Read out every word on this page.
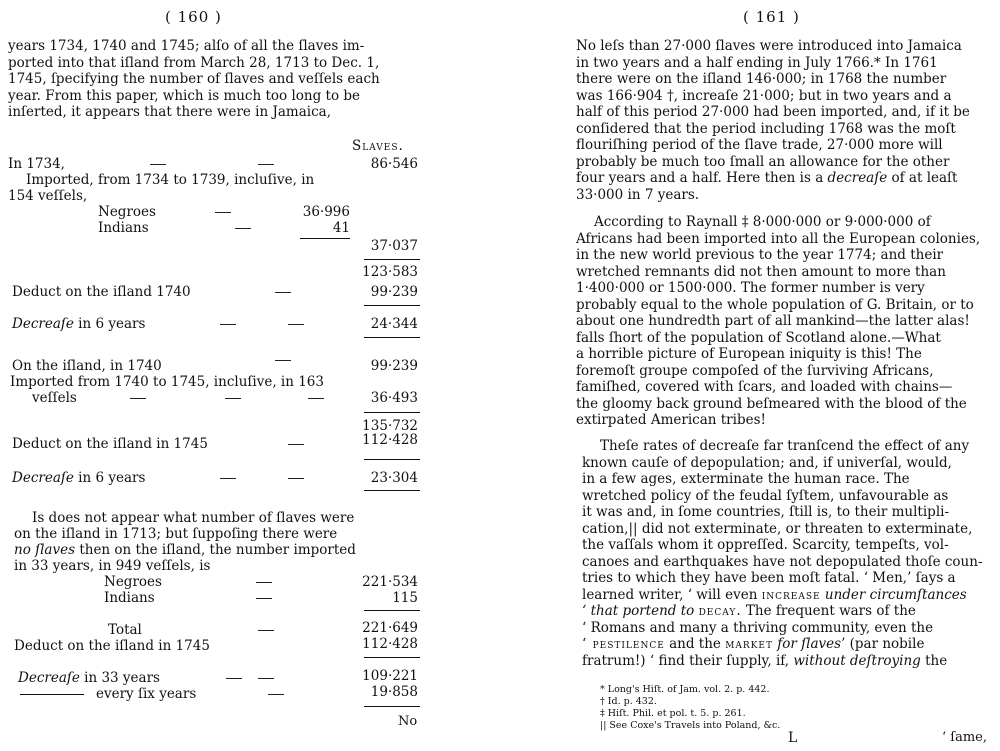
( 160 )
years 1734, 1740 and 1745; alſo of all the ſlaves im-
ported into that iſland from March 28, 1713 to Dec. 1,
1745, ſpecifying the number of ſlaves and veſſels each
year. From this paper, which is much too long to be
inſerted, it appears that there were in Jamaica,
Slaves.
In 1734,	86·546
Imported, from 1734 to 1739, incluſive, in
154 veſſels,
Negroes	36·996
Indians	41
37·037
123·583
Deduct on the iſland 1740	99·239
Decreaſe in 6 years	24·344
On the iſland, in 1740	99·239
Imported from 1740 to 1745, incluſive, in 163
veſſels	36·493
135·732
Deduct on the iſland in 1745	112·428
Decreaſe in 6 years	23·304
Is does not appear what number of ſlaves were
on the iſland in 1713; but ſuppoſing there were
no ſlaves then on the iſland, the number imported
in 33 years, in 949 veſſels, is
Negroes	221·534
Indians	115
Total	221·649
Deduct on the iſland in 1745	112·428
Decreaſe in 33 years	109·221
every ſix years	19·858
No
( 161 )
No leſs than 27·000 ſlaves were introduced into Jamaica
in two years and a half ending in July 1766.* In 1761
there were on the iſland 146·000; in 1768 the number
was 166·904 †, increaſe 21·000; but in two years and a
half of this period 27·000 had been imported, and, if it be
conſidered that the period including 1768 was the moſt
flouriſhing period of the ſlave trade, 27·000 more will
probably be much too ſmall an allowance for the other
four years and a half. Here then is a decreaſe of at leaſt
33·000 in 7 years.
According to Raynall ‡ 8·000·000 or 9·000·000 of
Africans had been imported into all the European colonies,
in the new world previous to the year 1774; and their
wretched remnants did not then amount to more than
1·400·000 or 1500·000. The former number is very
probably equal to the whole population of G. Britain, or to
about one hundredth part of all mankind—the latter alas!
falls ſhort of the population of Scotland alone.—What
a horrible picture of European iniquity is this! The
foremoſt groupe compoſed of the ſurviving Africans,
famiſhed, covered with ſcars, and loaded with chains—
the gloomy back ground beſmeared with the blood of the
extirpated American tribes!
Theſe rates of decreaſe far tranſcend the effect of any
known cauſe of depopulation; and, if univerſal, would,
in a few ages, exterminate the human race. The
wretched policy of the feudal ſyſtem, unfavourable as
it was and, in ſome countries, ſtill is, to their multipli-
cation,|| did not exterminate, or threaten to exterminate,
the vaſſals whom it oppreſſed. Scarcity, tempeſts, vol-
canoes and earthquakes have not depopulated thoſe coun-
tries to which they have been moſt fatal. ‘ Men,’ ſays a
learned writer, ‘ will even increase under circumſtances
‘ that portend to decay. The frequent wars of the
‘ Romans and many a thriving community, even the
‘ pestilence and the market for ſlaves’ (par nobile
fratrum!) ‘ find their ſupply, if, without deſtroying the
* Long's Hiſt. of Jam. vol. 2. p. 442.
† Id. p. 432.
‡ Hiſt. Phil. et pol. t. 5. p. 261.
|| See Coxe's Travels into Poland, &c.
L	‘ ſame,
